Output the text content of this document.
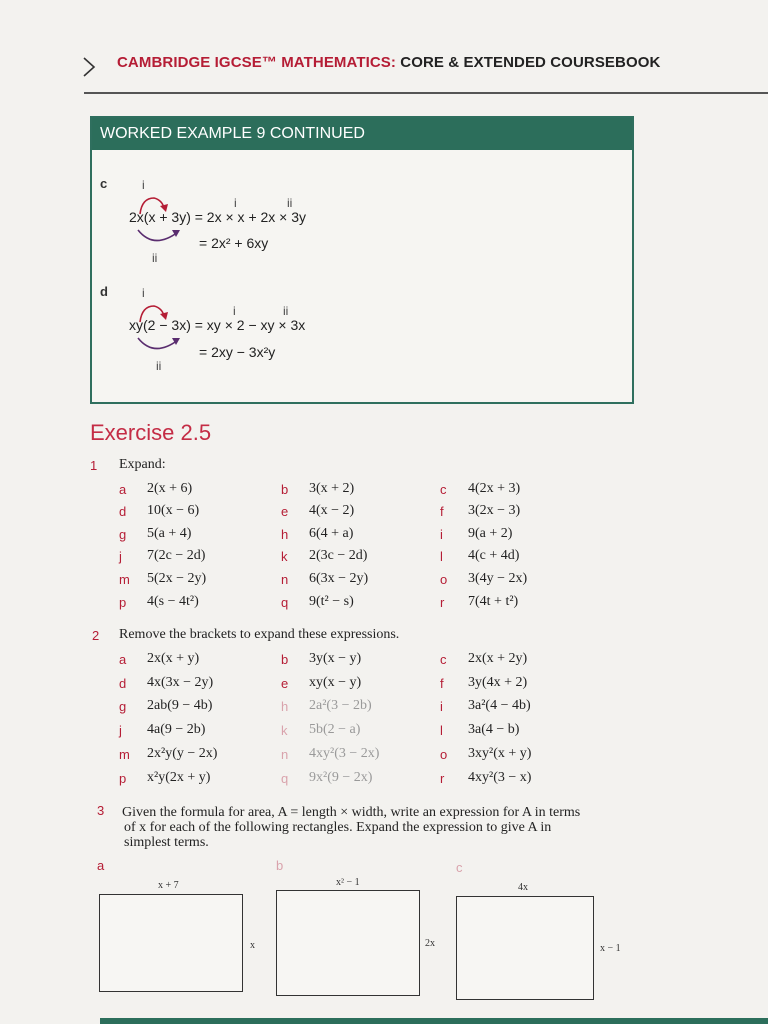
CAMBRIDGE IGCSE™ MATHEMATICS: CORE & EXTENDED COURSEBOOK
WORKED EXAMPLE 9 CONTINUED
c	i
i	ii
2x(x + 3y) = 2x × x + 2x × 3y
= 2x² + 6xy
ii
d	i
i	ii
xy(2 − 3x) = xy × 2 − xy × 3x
= 2xy − 3x²y
ii
Exercise 2.5
1 Expand:
a 2(x + 6)	b 3(x + 2)	c 4(2x + 3)
d 10(x − 6)	e 4(x − 2)	f 3(2x − 3)
g 5(a + 4)	h 6(4 + a)	i 9(a + 2)
j 7(2c − 2d)	k 2(3c − 2d)	l 4(c + 4d)
m 5(2x − 2y)	n 6(3x − 2y)	o 3(4y − 2x)
p 4(s − 4t²)	q 9(t² − s)	r 7(4t + t²)
2 Remove the brackets to expand these expressions.
a 2x(x + y)	b 3y(x − y)	c 2x(x + 2y)
d 4x(3x − 2y)	e xy(x − y)	f 3y(4x + 2)
g 2ab(9 − 4b)	h 2a²(3 − 2b)	i 3a²(4 − 4b)
j 4a(9 − 2b)	k 5b(2 − a)	l 3a(4 − b)
m 2x²y(y − 2x)	n 4xy²(3 − 2x)	o 3xy²(x + y)
p x²y(2x + y)	q 9x²(9 − 2x)	r 4xy²(3 − x)
3 Given the formula for area, A = length × width, write an expression for A in terms
of x for each of the following rectangles. Expand the expression to give A in
simplest terms.
a
x + 7
x
b
x² − 1
2x
c
4x
x − 1
